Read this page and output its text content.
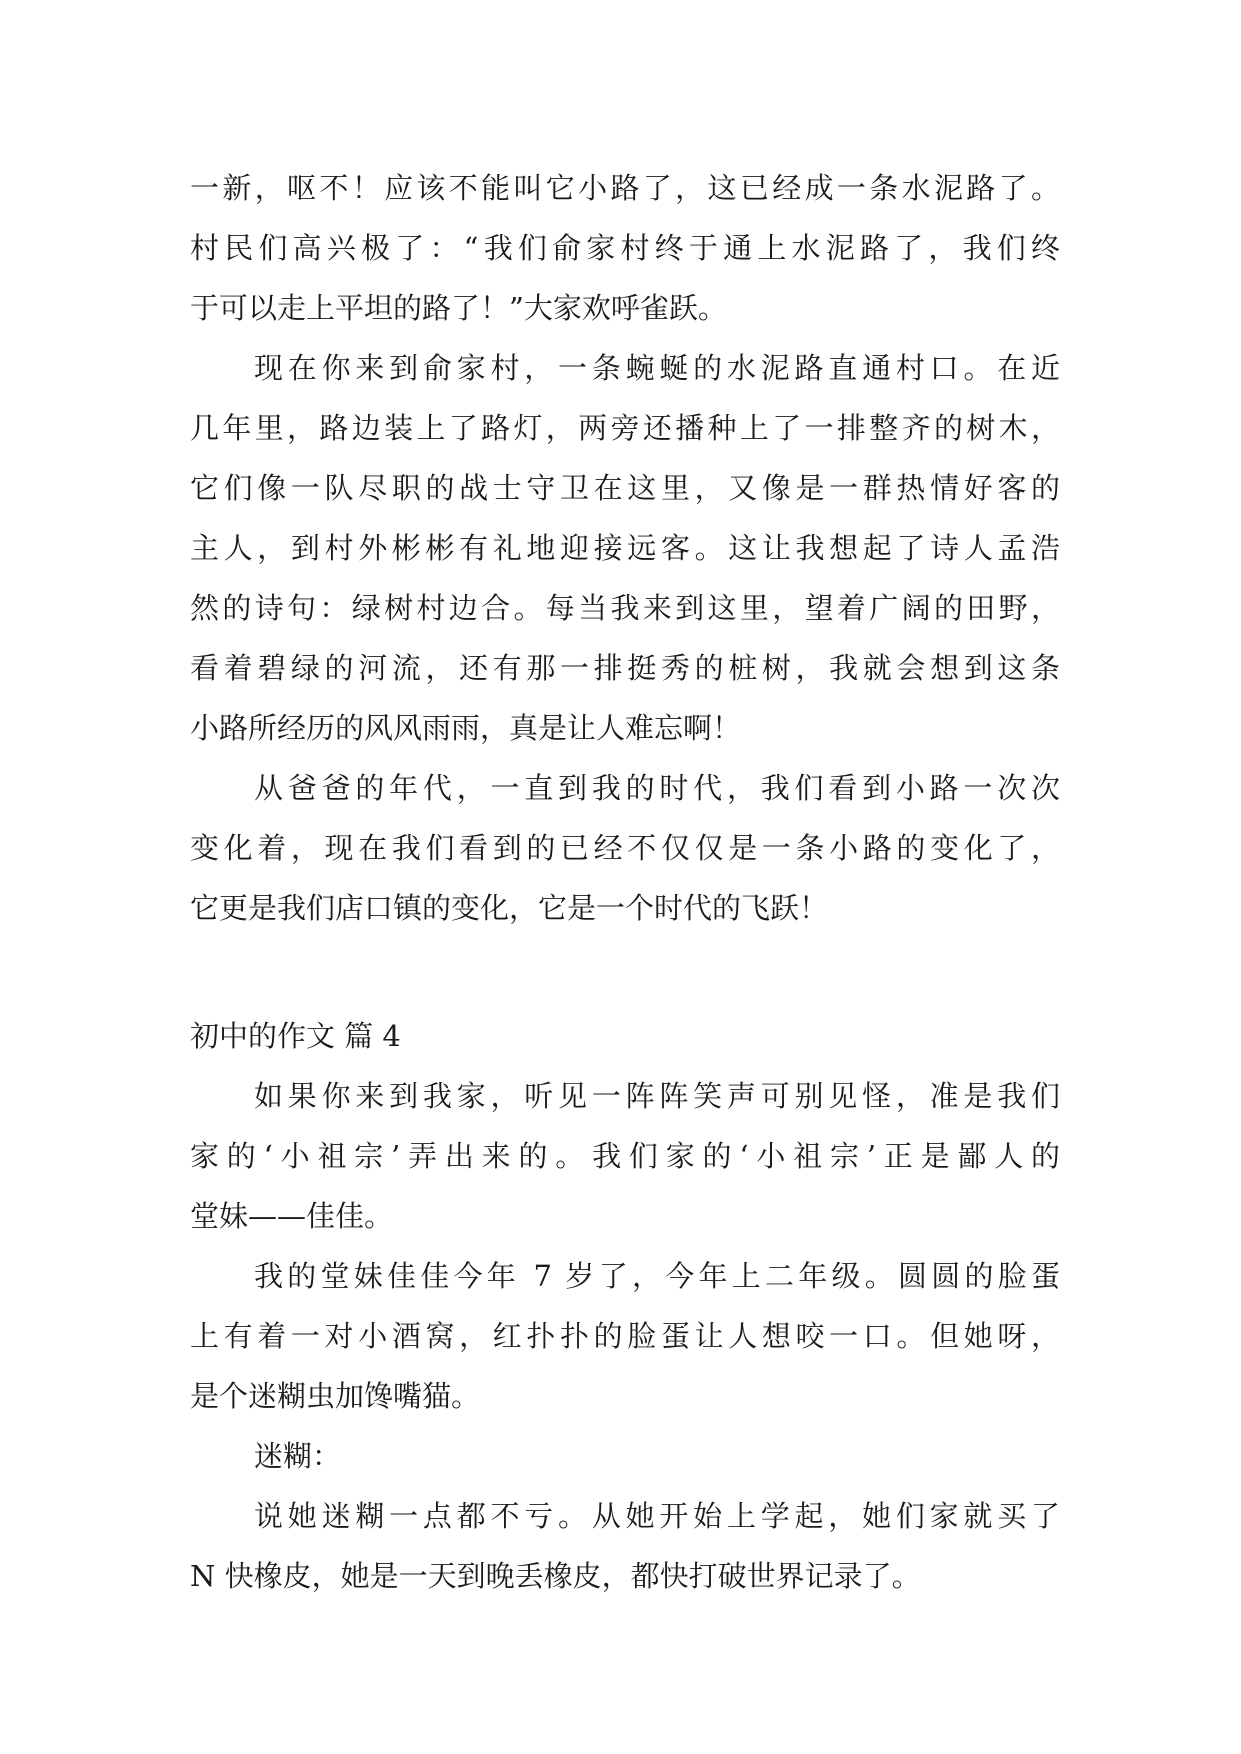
一新，呕不！应该不能叫它小路了，这已经成一条水泥路了。
村民们高兴极了：“我们俞家村终于通上水泥路了，我们终
于可以走上平坦的路了！”大家欢呼雀跃。
现在你来到俞家村，一条蜿蜒的水泥路直通村口。在近
几年里，路边装上了路灯，两旁还播种上了一排整齐的树木，
它们像一队尽职的战士守卫在这里，又像是一群热情好客的
主人，到村外彬彬有礼地迎接远客。这让我想起了诗人孟浩
然的诗句：绿树村边合。每当我来到这里，望着广阔的田野，
看着碧绿的河流，还有那一排挺秀的桩树，我就会想到这条
小路所经历的风风雨雨，真是让人难忘啊！
从爸爸的年代，一直到我的时代，我们看到小路一次次
变化着，现在我们看到的已经不仅仅是一条小路的变化了，
它更是我们店口镇的变化，它是一个时代的飞跃！
初中的作文 篇 4
如果你来到我家，听见一阵阵笑声可别见怪，准是我们
家的‘小祖宗’弄出来的。我们家的‘小祖宗’正是鄙人的
堂妹——佳佳。
我的堂妹佳佳今年 7 岁了，今年上二年级。圆圆的脸蛋
上有着一对小酒窝，红扑扑的脸蛋让人想咬一口。但她呀，
是个迷糊虫加馋嘴猫。
迷糊：
说她迷糊一点都不亏。从她开始上学起，她们家就买了
N 快橡皮，她是一天到晚丢橡皮，都快打破世界记录了。
